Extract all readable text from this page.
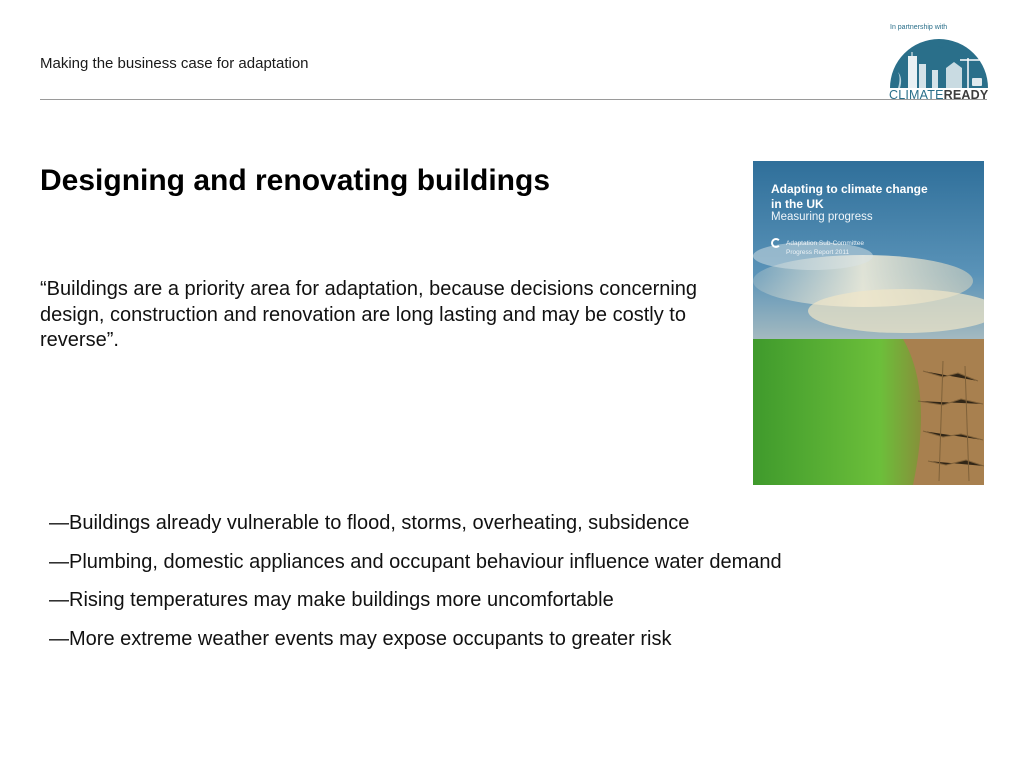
Making the business case for adaptation
In partnership with
CLIMATEREADY
Designing and renovating buildings

“Buildings are a priority area for adaptation, because decisions concerning design, construction and renovation are long lasting and may be costly to reverse”.

Adapting to climate change
in the UK
Measuring progress
Adaptation Sub-Committee
Progress Report 2011
—Buildings already vulnerable to flood, storms, overheating, subsidence
—Plumbing, domestic appliances and occupant behaviour influence water demand
—Rising temperatures may make buildings more uncomfortable
—More extreme weather events may expose occupants to greater risk
